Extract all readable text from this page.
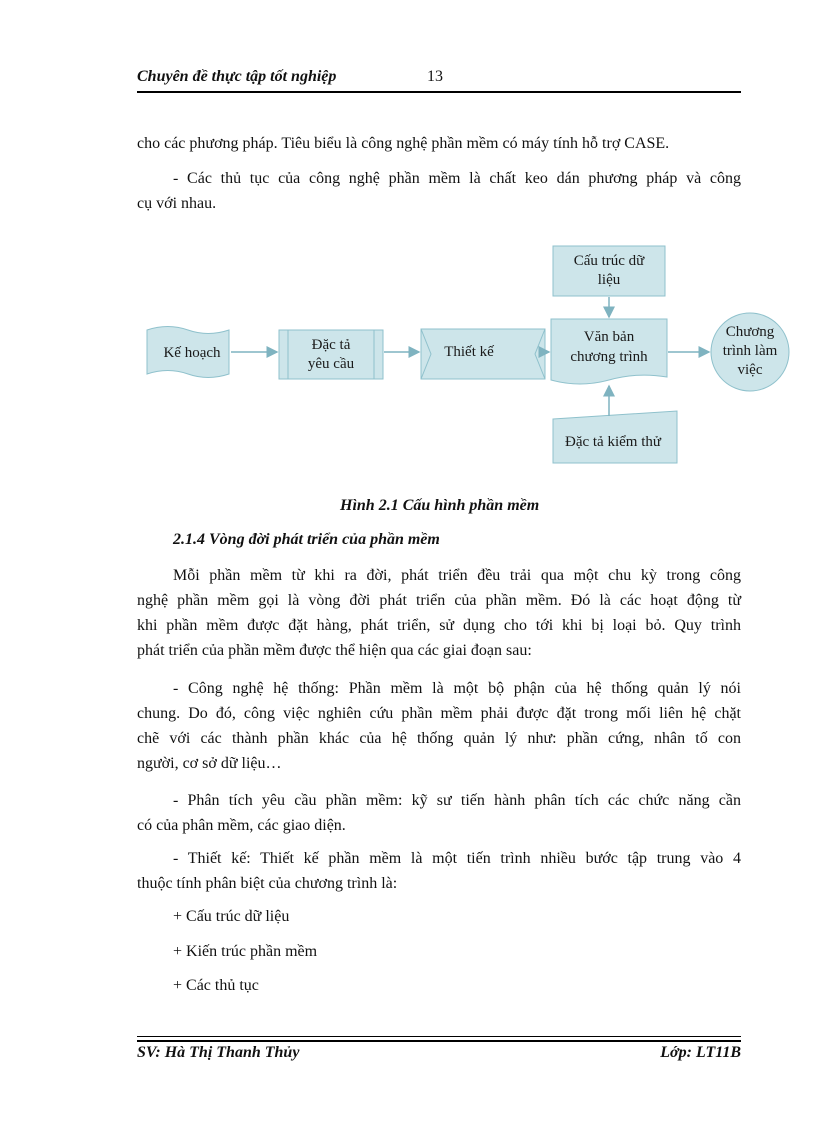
Chuyên đề thực tập tốt nghiệp	13
cho các phương pháp. Tiêu biểu là công nghệ phần mềm có máy tính hỗ trợ CASE.
- Các thủ tục của công nghệ phần mềm là chất keo dán phương pháp và công
cụ với nhau.
Kế hoạch	Đặc tả
yêu cầu
Thiết kế
Cấu trúc dữ
liệu
Văn bản
chương trình
Đặc tả kiểm thử
Chương
trình làm
việc
Hình 2.1 Cấu hình phần mềm
2.1.4 Vòng đời phát triển của phần mềm
Mỗi phần mềm từ khi ra đời, phát triển đều trải qua một chu kỳ trong công
nghệ phần mềm gọi là vòng đời phát triển của phần mềm. Đó là các hoạt động từ
khi phần mềm được đặt hàng, phát triển, sử dụng cho tới khi bị loại bỏ. Quy trình
phát triển của phần mềm được thể hiện qua các giai đoạn sau:
- Công nghệ hệ thống: Phần mềm là một bộ phận của hệ thống quản lý nói
chung. Do đó, công việc nghiên cứu phần mềm phải được đặt trong mối liên hệ chặt
chẽ với các thành phần khác của hệ thống quản lý như: phần cứng, nhân tố con
người, cơ sở dữ liệu…
- Phân tích yêu cầu phần mềm: kỹ sư tiến hành phân tích các chức năng cần
có của phân mềm, các giao diện.
- Thiết kế: Thiết kế phần mềm là một tiến trình nhiều bước tập trung vào 4
thuộc tính phân biệt của chương trình là:
+ Cấu trúc dữ liệu
+ Kiến trúc phần mềm
+ Các thủ tục
SV: Hà Thị Thanh Thủy	Lớp: LT11B
